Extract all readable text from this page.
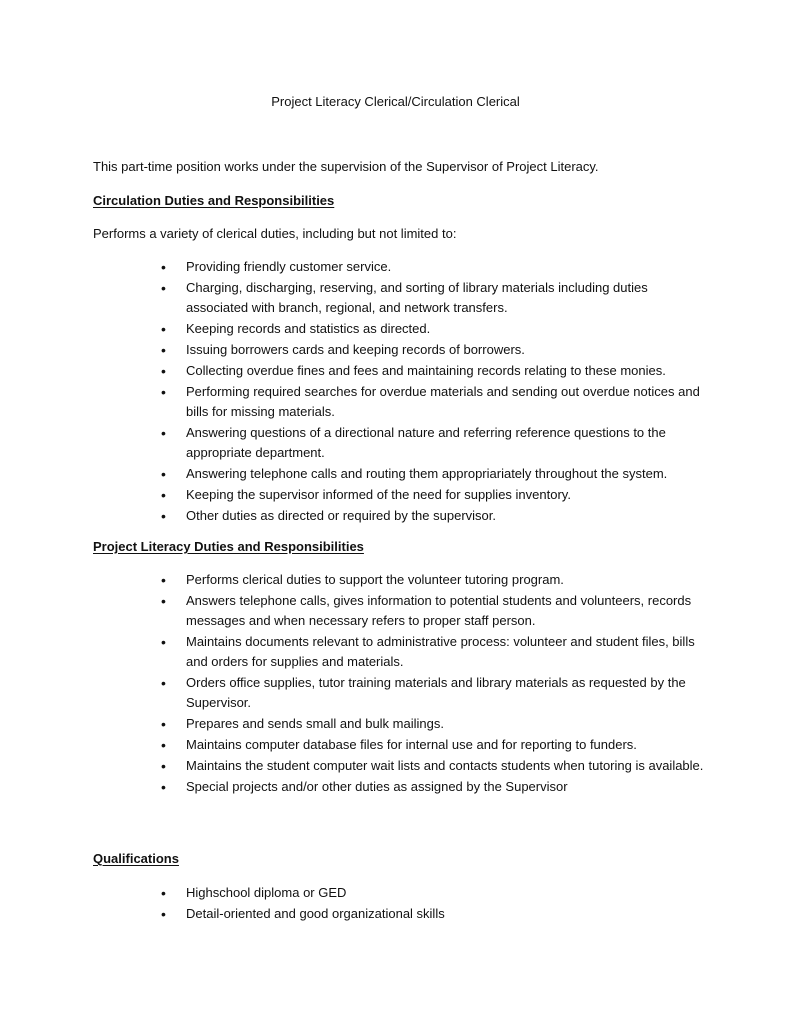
Project Literacy Clerical/Circulation Clerical
This part-time position works under the supervision of the Supervisor of Project Literacy.
Circulation Duties and Responsibilities
Performs a variety of clerical duties, including but not limited to:
• Providing friendly customer service.
• Charging, discharging, reserving, and sorting of library materials including duties associated with branch, regional, and network transfers.
• Keeping records and statistics as directed.
• Issuing borrowers cards and keeping records of borrowers.
• Collecting overdue fines and fees and maintaining records relating to these monies.
• Performing required searches for overdue materials and sending out overdue notices and bills for missing materials.
• Answering questions of a directional nature and referring reference questions to the appropriate department.
• Answering telephone calls and routing them appropriariately throughout the system.
• Keeping the supervisor informed of the need for supplies inventory.
• Other duties as directed or required by the supervisor.
Project Literacy Duties and Responsibilities
• Performs clerical duties to support the volunteer tutoring program.
• Answers telephone calls, gives information to potential students and volunteers, records messages and when necessary refers to proper staff person.
• Maintains documents relevant to administrative process: volunteer and student files, bills and orders for supplies and materials.
• Orders office supplies, tutor training materials and library materials as requested by the Supervisor.
• Prepares and sends small and bulk mailings.
• Maintains computer database files for internal use and for reporting to funders.
• Maintains the student computer wait lists and contacts students when tutoring is available.
• Special projects and/or other duties as assigned by the Supervisor
Qualifications
• Highschool diploma or GED
• Detail-oriented and good organizational skills
